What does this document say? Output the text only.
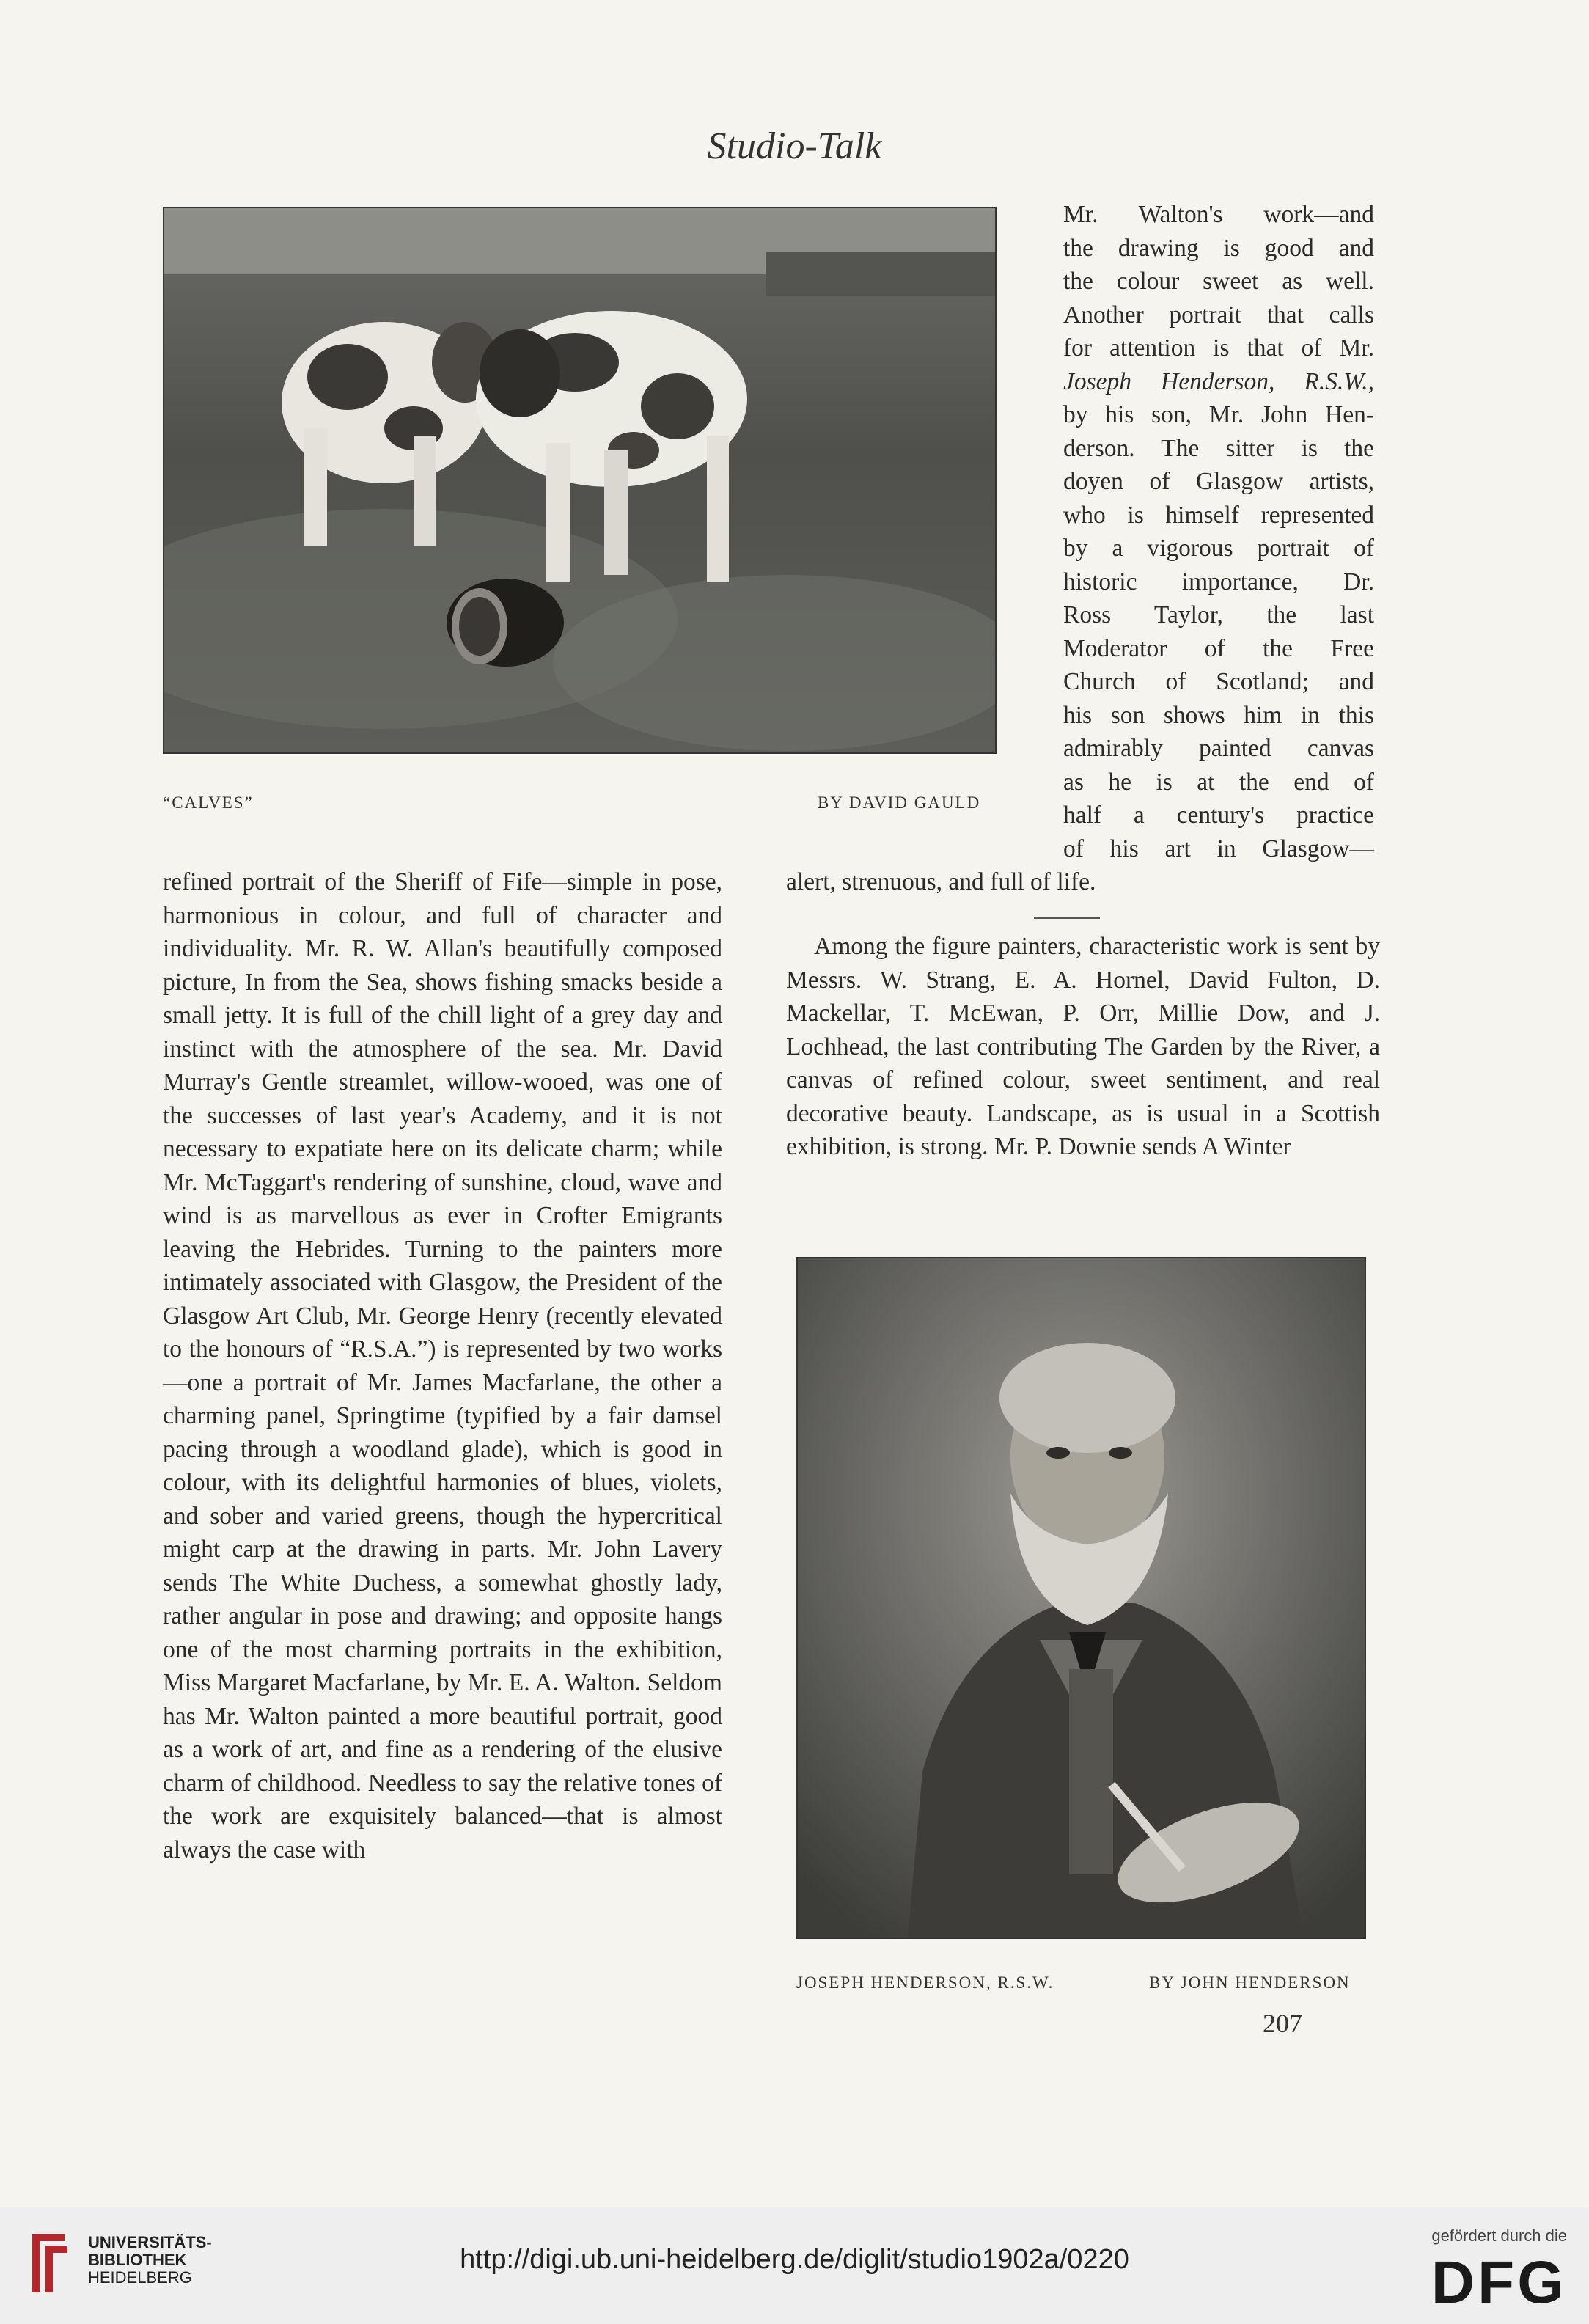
Studio-Talk
“CALVES”	BY DAVID GAULD
Mr. Walton's work—and
the drawing is good and
the colour sweet as well.
Another portrait that calls
for attention is that of Mr.
Joseph Henderson, R.S.W.,
by his son, Mr. John Hen-
derson. The sitter is the
doyen of Glasgow artists,
who is himself represented
by a vigorous portrait of
historic importance, Dr.
Ross Taylor, the last
Moderator of the Free
Church of Scotland; and
his son shows him in this
admirably painted canvas
as he is at the end of
half a century's practice
of his art in Glasgow—
alert, strenuous, and full of life.

Among the figure painters, characteristic work is sent by Messrs. W. Strang, E. A. Hornel, David Fulton, D. Mackellar, T. McEwan, P. Orr, Millie Dow, and J. Lochhead, the last contributing The Garden by the River, a canvas of refined colour, sweet sentiment, and real decorative beauty. Landscape, as is usual in a Scottish exhibition, is strong. Mr. P. Downie sends A Winter

refined portrait of the Sheriff of Fife—simple in pose, harmonious in colour, and full of character and individuality. Mr. R. W. Allan's beautifully composed picture, In from the Sea, shows fishing smacks beside a small jetty. It is full of the chill light of a grey day and instinct with the atmosphere of the sea. Mr. David Murray's Gentle streamlet, willow-wooed, was one of the successes of last year's Academy, and it is not necessary to expatiate here on its delicate charm; while Mr. McTaggart's rendering of sunshine, cloud, wave and wind is as marvellous as ever in Crofter Emigrants leaving the Hebrides. Turning to the painters more intimately associated with Glasgow, the President of the Glasgow Art Club, Mr. George Henry (recently elevated to the honours of “R.S.A.”) is represented by two works—one a portrait of Mr. James Macfarlane, the other a charming panel, Springtime (typified by a fair damsel pacing through a woodland glade), which is good in colour, with its delightful harmonies of blues, violets, and sober and varied greens, though the hypercritical might carp at the drawing in parts. Mr. John Lavery sends The White Duchess, a somewhat ghostly lady, rather angular in pose and drawing; and opposite hangs one of the most charming portraits in the exhibition, Miss Margaret Macfarlane, by Mr. E. A. Walton. Seldom has Mr. Walton painted a more beautiful portrait, good as a work of art, and fine as a rendering of the elusive charm of childhood. Needless to say the relative tones of the work are exquisitely balanced—that is almost always the case with

JOSEPH HENDERSON, R.S.W.	BY JOHN HENDERSON
207
UNIVERSITÄTS-
BIBLIOTHEK
HEIDELBERG
http://digi.ub.uni-heidelberg.de/diglit/studio1902a/0220
gefördert durch die
DFG
